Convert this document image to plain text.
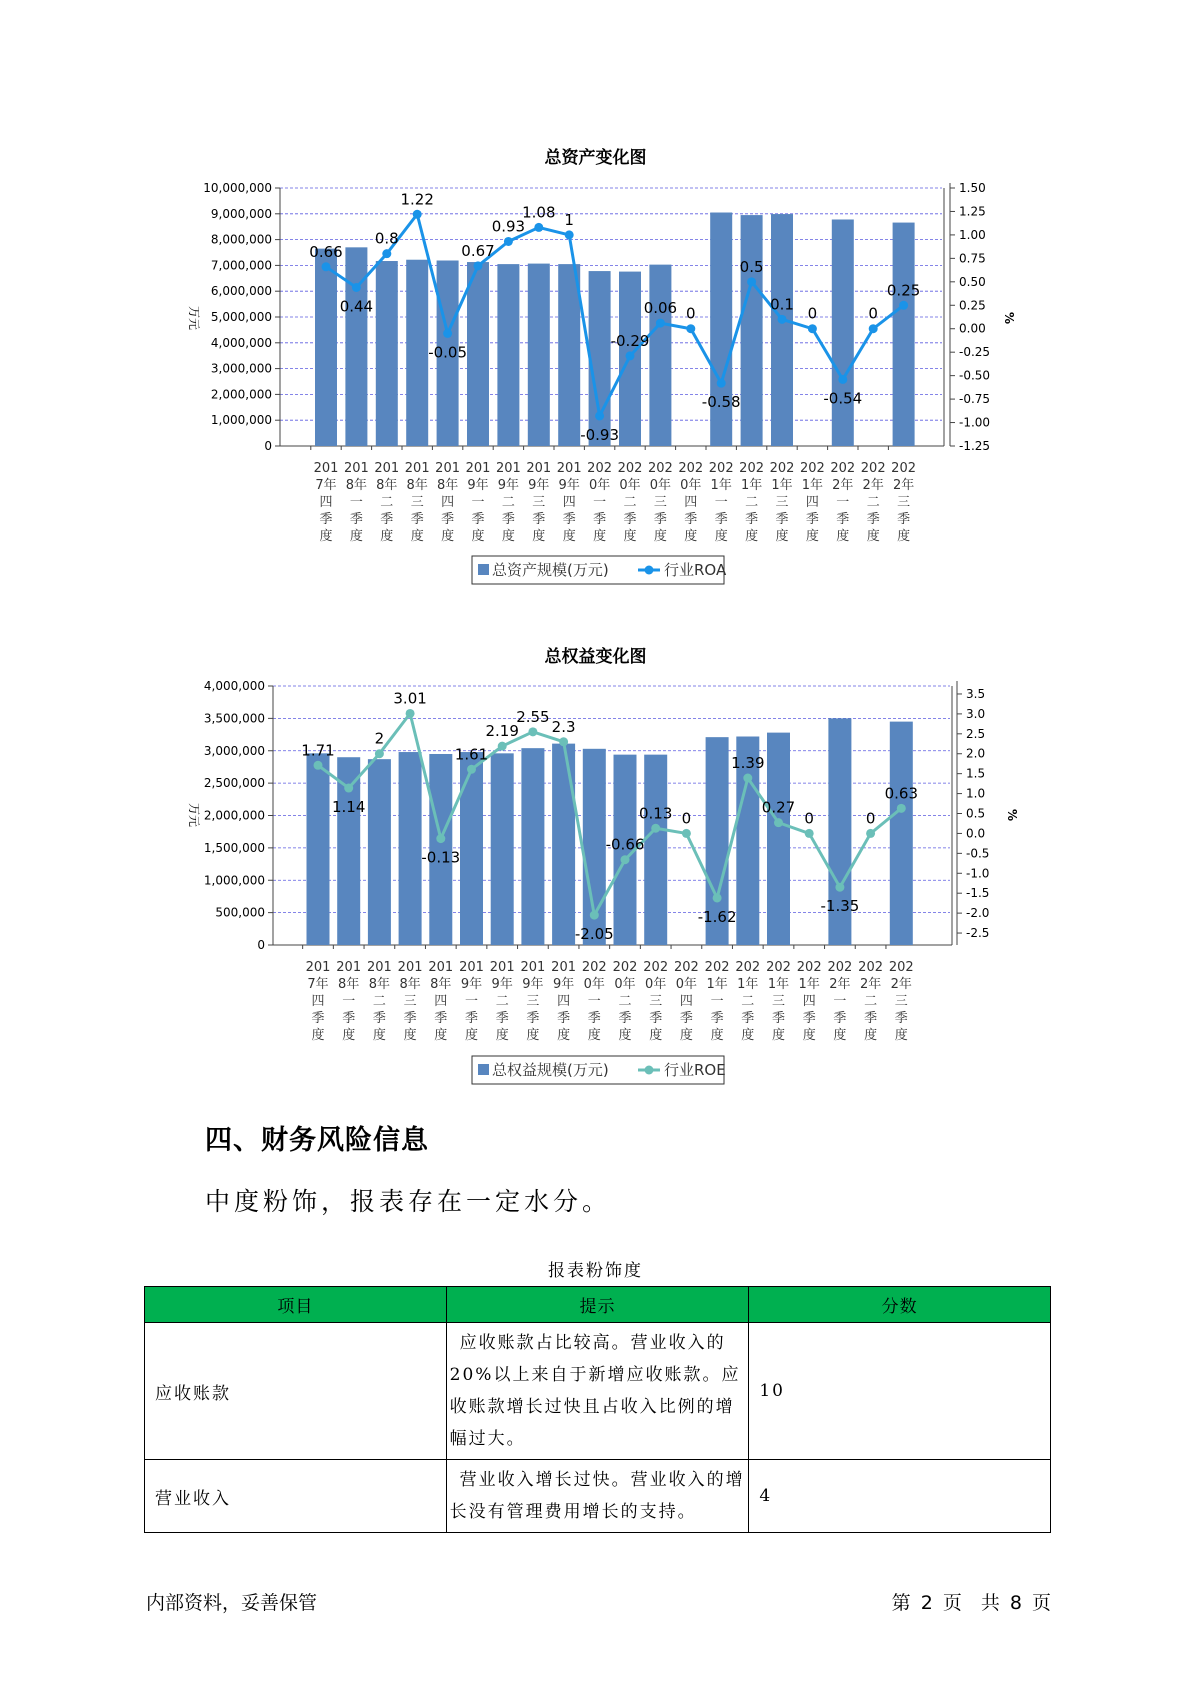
总资产变化图
0
1,000,000
2,000,000
3,000,000
4,000,000
5,000,000
6,000,000
7,000,000
8,000,000
9,000,000
10,000,000
-1.25
-1.00
-0.75
-0.50
-0.25
0.00
0.25
0.50
0.75
1.00
1.25
1.50
万元	%
0.66
0.44
0.8
1.22
-0.05
0.67
0.93
1.08 1
-0.93
-0.29
0.06 0
-0.58
0.5
0.1
0
-0.54
0
0.25
201
7年
四
季
度
201
8年
一
季
度
201
8年
二
季
度
201
8年
三
季
度
201
8年
四
季
度
201
9年
一
季
度
201
9年
二
季
度
201
9年
三
季
度
201
9年
四
季
度
202
0年
一
季
度
202
0年
二
季
度
202
0年
三
季
度
202
0年
四
季
度
202
1年
一
季
度
202
1年
二
季
度
202
1年
三
季
度
202
1年
四
季
度
202
2年
一
季
度
202
2年
二
季
度
202
2年
三
季
度
总资产规模(万元)	行业ROA
总权益变化图
0
500,000
1,000,000
1,500,000
2,000,000
2,500,000
3,000,000
3,500,000
4,000,000
-2.5
-2.0
-1.5
-1.0
-0.5
0.0
0.5
1.0
1.5
2.0
2.5
3.0
3.5
万元	%
1.71
1.14
2
3.01
-0.13
1.61
2.19
2.55
2.3
-2.05
-0.66
0.13 0
-1.62
1.39
0.27
0
-1.35
0
0.63
201
7年
四
季
度
201
8年
一
季
度
201
8年
二
季
度
201
8年
三
季
度
201
8年
四
季
度
201
9年
一
季
度
201
9年
二
季
度
201
9年
三
季
度
201
9年
四
季
度
202
0年
一
季
度
202
0年
二
季
度
202
0年
三
季
度
202
0年
四
季
度
202
1年
一
季
度
202
1年
二
季
度
202
1年
三
季
度
202
1年
四
季
度
202
2年
一
季
度
202
2年
二
季
度
202
2年
三
季
度
总权益规模(万元)	行业ROE
四、财务风险信息
中度粉饰，报表存在一定水分。
报表粉饰度
项目	提示	分数
应收账款	应收账款占比较高。营业收入的20%以上来自于新增应收账款。应收账款增长过快且占收入比例的增幅过大。	10
营业收入	营业收入增长过快。营业收入的增长没有管理费用增长的支持。	4
内部资料，妥善保管	第 2 页　共 8 页
